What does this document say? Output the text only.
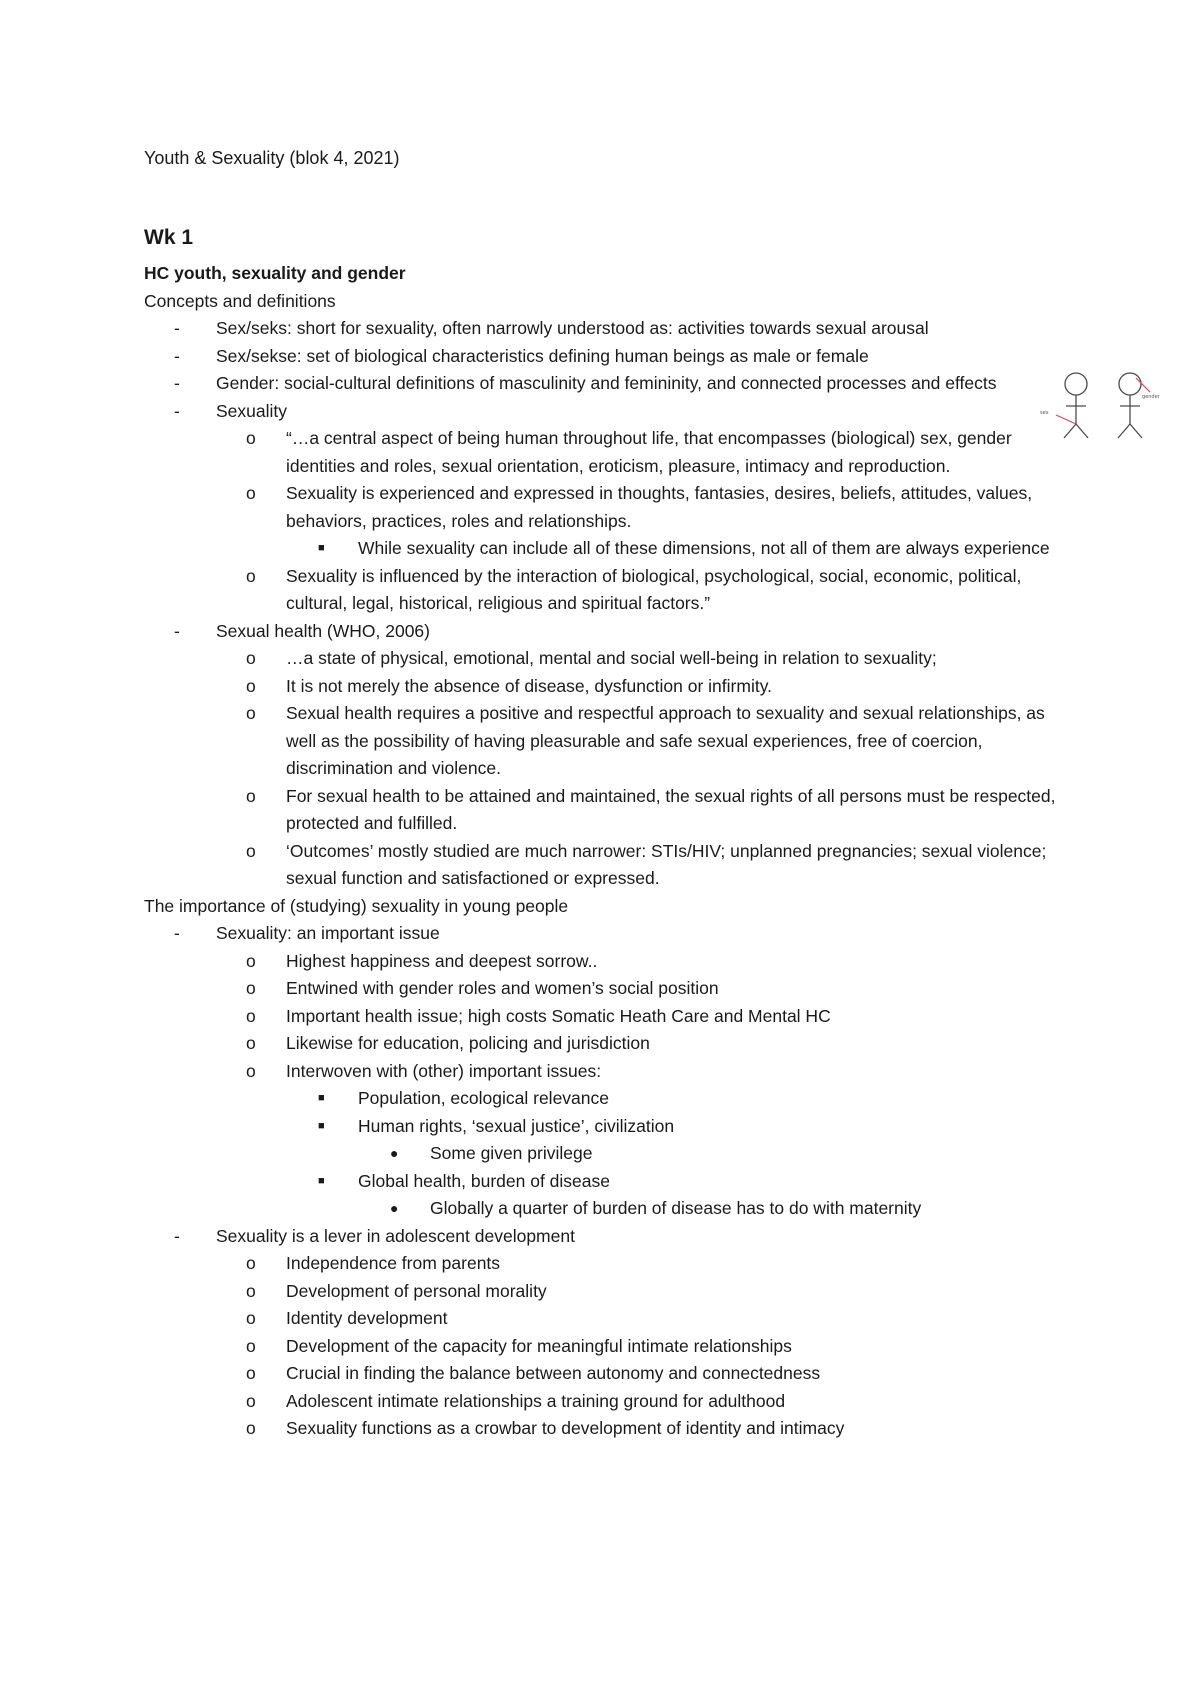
Youth & Sexuality (blok 4, 2021)
Wk 1
HC youth, sexuality and gender
Concepts and definitions
-	Sex/seks: short for sexuality, often narrowly understood as: activities towards sexual arousal
-	Sex/sekse: set of biological characteristics defining human beings as male or female
-	Gender: social-cultural definitions of masculinity and femininity, and connected processes and effects
-	Sexuality
o	“…a central aspect of being human throughout life, that encompasses (biological) sex, gender identities and roles, sexual orientation, eroticism, pleasure, intimacy and reproduction.
o	Sexuality is experienced and expressed in thoughts, fantasies, desires, beliefs, attitudes, values, behaviors, practices, roles and relationships.
■	While sexuality can include all of these dimensions, not all of them are always experience
o	Sexuality is influenced by the interaction of biological, psychological, social, economic, political, cultural, legal, historical, religious and spiritual factors.”
-	Sexual health (WHO, 2006)
o	…a state of physical, emotional, mental and social well-being in relation to sexuality;
o	It is not merely the absence of disease, dysfunction or infirmity.
o	Sexual health requires a positive and respectful approach to sexuality and sexual relationships, as well as the possibility of having pleasurable and safe sexual experiences, free of coercion, discrimination and violence.
o	For sexual health to be attained and maintained, the sexual rights of all persons must be respected, protected and fulfilled.
o	‘Outcomes’ mostly studied are much narrower: STIs/HIV; unplanned pregnancies; sexual violence; sexual function and satisfactioned or expressed.
The importance of (studying) sexuality in young people
-	Sexuality: an important issue
o	Highest happiness and deepest sorrow..
o	Entwined with gender roles and women’s social position
o	Important health issue; high costs Somatic Heath Care and Mental HC
o	Likewise for education, policing and jurisdiction
o	Interwoven with (other) important issues:
■	Population, ecological relevance
■	Human rights, ‘sexual justice’, civilization
●	Some given privilege
■	Global health, burden of disease
●	Globally a quarter of burden of disease has to do with maternity
-	Sexuality is a lever in adolescent development
o	Independence from parents
o	Development of personal morality
o	Identity development
o	Development of the capacity for meaningful intimate relationships
o	Crucial in finding the balance between autonomy and connectedness
o	Adolescent intimate relationships a training ground for adulthood
o	Sexuality functions as a crowbar to development of identity and intimacy
sex
gender
